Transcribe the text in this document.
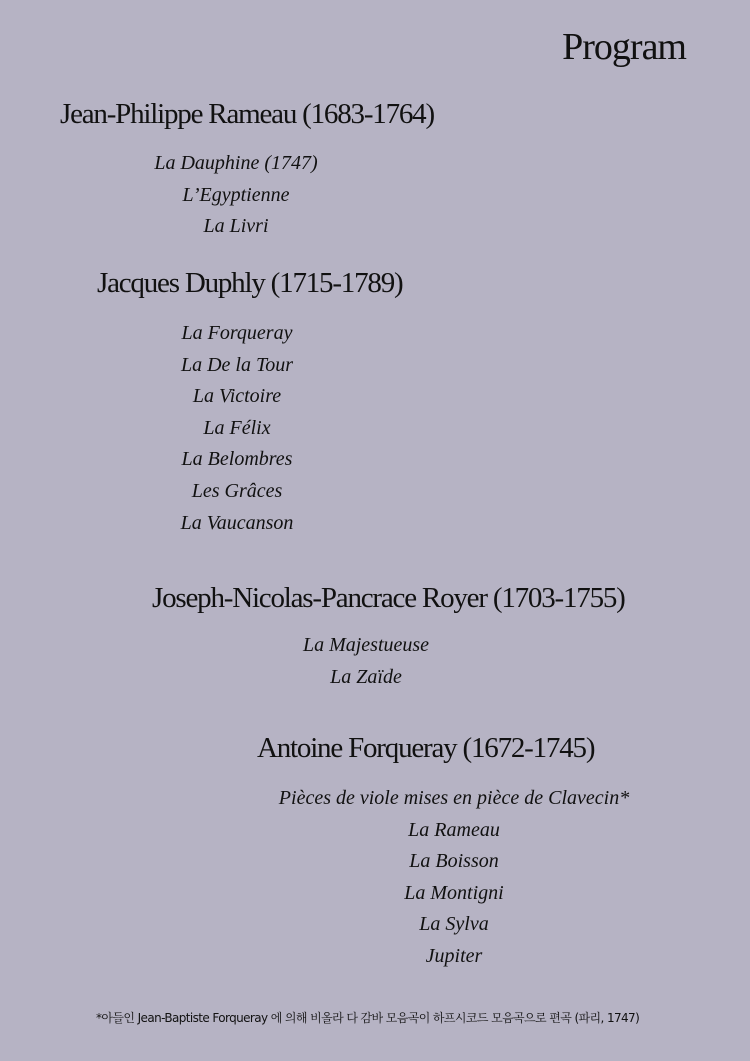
Program
Jean-Philippe Rameau (1683-1764)
La Dauphine (1747)
L’Egyptienne
La Livri
Jacques Duphly (1715-1789)
La Forqueray
La De la Tour
La Victoire
La Félix
La Belombres
Les Grâces
La Vaucanson
Joseph-Nicolas-Pancrace Royer (1703-1755)
La Majestueuse
La Zaïde
Antoine Forqueray (1672-1745)
Pièces de viole mises en pièce de Clavecin*
La Rameau
La Boisson
La Montigni
La Sylva
Jupiter
*아들인 Jean-Baptiste Forqueray 에 의해 비올라 다 감바 모음곡이 하프시코드 모음곡으로 편곡 (파리, 1747)
